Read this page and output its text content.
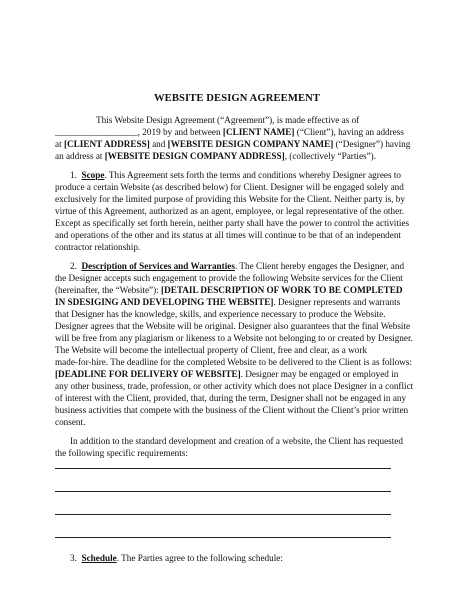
WEBSITE DESIGN AGREEMENT
This Website Design Agreement (“Agreement”), is made effective as of
__________________, 2019 by and between [CLIENT NAME] (“Client”), having an address
at [CLIENT ADDRESS] and [WEBSITE DESIGN COMPANY NAME] (“Designer”) having
an address at [WEBSITE DESIGN COMPANY ADDRESS], (collectively “Parties”).
1. Scope. This Agreement sets forth the terms and conditions whereby Designer agrees to
produce a certain Website (as described below) for Client. Designer will be engaged solely and
exclusively for the limited purpose of providing this Website for the Client. Neither party is, by
virtue of this Agreement, authorized as an agent, employee, or legal representative of the other.
Except as specifically set forth herein, neither party shall have the power to control the activities
and operations of the other and its status at all times will continue to be that of an independent
contractor relationship.
2. Description of Services and Warranties. The Client hereby engages the Designer, and
the Designer accepts such engagement to provide the following Website services for the Client
(hereinafter, the “Website”): [DETAIL DESCRIPTION OF WORK TO BE COMPLETED
IN SDESIGING AND DEVELOPING THE WEBSITE]. Designer represents and warrants
that Designer has the knowledge, skills, and experience necessary to produce the Website.
Designer agrees that the Website will be original. Designer also guarantees that the final Website
will be free from any plagiarism or likeness to a Website not belonging to or created by Designer.
The Website will become the intellectual property of Client, free and clear, as a work
made-for-hire. The deadline for the completed Website to be delivered to the Client is as follows:
[DEADLINE FOR DELIVERY OF WEBSITE]. Designer may be engaged or employed in
any other business, trade, profession, or other activity which does not place Designer in a conflict
of interest with the Client, provided, that, during the term, Designer shall not be engaged in any
business activities that compete with the business of the Client without the Client’s prior written
consent.
In addition to the standard development and creation of a website, the Client has requested
the following specific requirements:
3. Schedule. The Parties agree to the following schedule:
